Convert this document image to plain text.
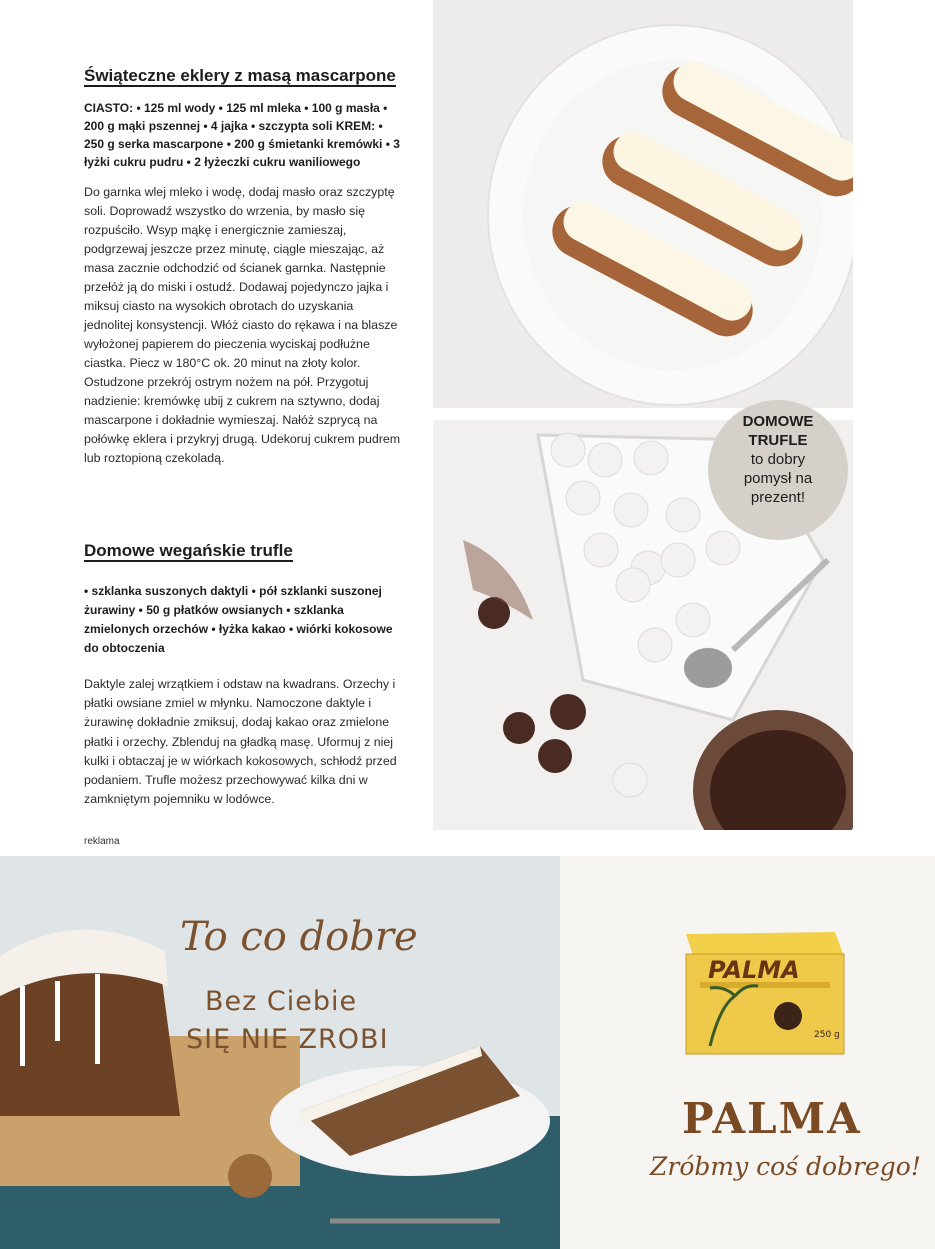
Świąteczne eklery z masą mascarpone

CIASTO: • 125 ml wody • 125 ml mleka • 100 g masła • 200 g mąki pszennej • 4 jajka • szczypta soli KREM: • 250 g serka mascarpone • 200 g śmietanki kremówki • 3 łyżki cukru pudru • 2 łyżeczki cukru waniliowego

Do garnka wlej mleko i wodę, dodaj masło oraz szczyptę soli. Doprowadź wszystko do wrzenia, by masło się rozpuściło. Wsyp mąkę i energicznie zamieszaj, podgrzewaj jeszcze przez minutę, ciągle mieszając, aż masa zacznie odchodzić od ścianek garnka. Następnie przełóż ją do miski i ostudź. Dodawaj pojedynczo jajka i miksuj ciasto na wysokich obrotach do uzyskania jednolitej konsystencji. Włóż ciasto do rękawa i na blasze wyłożonej papierem do pieczenia wyciskaj podłużne ciastka. Piecz w 180°C ok. 20 minut na złoty kolor. Ostudzone przekrój ostrym nożem na pół. Przygotuj nadzienie: kremówkę ubij z cukrem na sztywno, dodaj mascarpone i dokładnie wymieszaj. Nałóż szprycą na połówkę eklera i przykryj drugą. Udekoruj cukrem pudrem lub roztopioną czekoladą.

Domowe wegańskie trufle
• szklanka suszonych daktyli • pół szklanki suszonej żurawiny • 50 g płatków owsianych • szklanka zmielonych orzechów • łyżka kakao • wiórki kokosowe do obtoczenia
Daktyle zalej wrzątkiem i odstaw na kwadrans. Orzechy i płatki owsiane zmiel w młynku. Namoczone daktyle i żurawinę dokładnie zmiksuj, dodaj kakao oraz zmielone płatki i orzechy. Zblenduj na gładką masę. Uformuj z niej kulki i obtaczaj je w wiórkach kokosowych, schłodź przed podaniem. Trufle możesz przechowywać kilka dni w zamkniętym pojemniku w lodówce.
reklama
DOMOWE
TRUFLE
to dobry
pomysł na
prezent!
To co dobre
Bez Ciebie
SIĘ NIE ZROBI
PALMA
250 g
PALMA
Zróbmy coś dobrego!
